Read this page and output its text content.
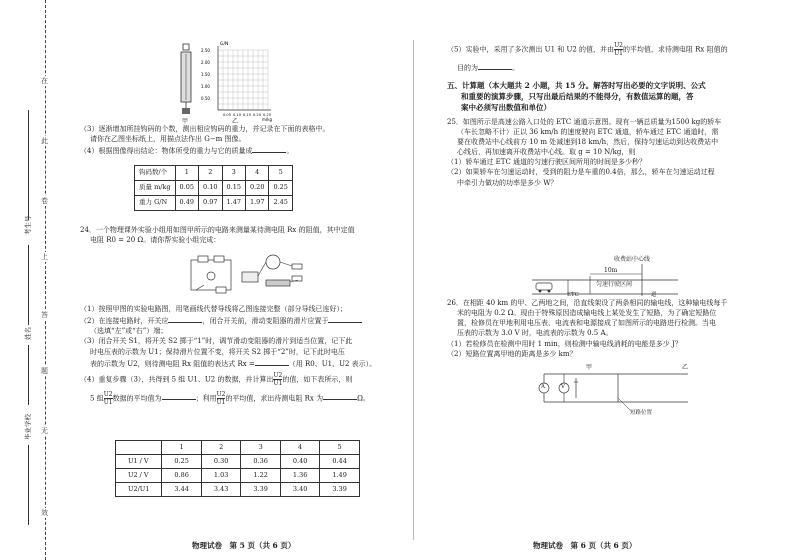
在
此
卷
上
答
题
无
效
考生号
姓名
毕业学校
甲
G/N
2.50
2.00
1.50
1.00
0.50
0.05 0.10 0.15 0.20 0.25
m/kg
乙

（3）逐渐增加所挂钩码的个数，测出相应钩码的重力，并记录在下面的表格中。

请你在乙图坐标纸上，用描点法作出 G−m 图像。

（4）根据图像得出结论：物体所受的重力与它的质量成	。

钩码数/个	1	2	3	4	5
质量 m/kg	0.05	0.10	0.15	0.20	0.25
重力 G/N	0.49	0.97	1.47	1.97	2.45

24．一个物理课外实验小组用如图甲所示的电路来测量某待测电阻 Rx 的阻值，其中定值

电阻 R0 = 20 Ω。请你帮实验小组完成：

（1）按照甲图的实验电路图，用笔画线代替导线将乙图连接完整（部分导线已连好）；

（2）在连接电路时，开关应	，闭合开关前，滑动变阻器的滑片应置于

（选填“左”或“右”）端；

（3）闭合开关 S1，将开关 S2 掷于“1”时，调节滑动变阻器的滑片到适当位置，记下此

时电压表的示数为 U1；保持滑片位置不变，将开关 S2 掷于“2”时，记下此时电压

表的示数为 U2，则待测电阻 Rx 阻值的表达式 Rx =	（用 R0、U1、U2 表示）。

（4）重复步骤（3），共得到 5 组 U1、U2 的数据，并计算出 $\frac{U2}{U1}$ 的值，如下表所示，则

5 组 $\frac{U2}{U1}$ 数据的平均值为	；利用 $\frac{U2}{U1}$ 的平均值，求出待测电阻 Rx 为	Ω。

	1	2	3	4	5
U1 / V	0.25	0.30	0.36	0.40	0.44
U2 / V	0.86	1.03	1.22	1.36	1.49
U2/U1	3.44	3.43	3.39	3.40	3.39
物理试卷　第 5 页（共 6 页）

（5）实验中，采用了多次测出 U1 和 U2 的值，并由 $\frac{U2}{U1}$ 的平均值，求待测电阻 Rx 阻值的

目的为	。

五、计算题（本大题共 2 小题，共 15 分。解答时写出必要的文字说明、公式

和重要的演算步骤，只写出最后结果的不能得分，有数值运算的题，答

案中必须写出数值和单位）

25．如图所示是高速公路入口处的 ETC 通道示意图。现有一辆总质量为1500 kg的轿车

（车长忽略不计）正以 36 km/h 的速度驶向 ETC 通道，轿车通过 ETC 通道时，需

要在收费站中心线前方 10 m 处减速到18 km/h，然后，保持匀速运动到达收费站中

心线后，再加速离开收费站中心线。取 g = 10 N/kg，则

（1）轿车通过 ETC 通道的匀速行驶区间所用的时间是多少秒？

（2）如果轿车在匀速运动时，受到的阻力是车重的0.4倍，那么，轿车在匀速运动过程

中牵引力做功的功率是多少 W？

收费站中心线
10m
匀速行驶区间
ETC	道

26．在相距 40 km 的甲、乙两地之间，沿直线架设了两条相同的输电线，这种输电线每千

米的电阻为 0.2 Ω。现由于特殊原因造成输电线上某处发生了短路，为了确定短路位

置，检修员在甲地利用电压表、电流表和电源接成了如图所示的电路进行检测。当电

压表的示数为 3.0 V 时，电流表的示数为 0.5 A。

（1）若检修员在检测中用时 1 min，则检测中输电线消耗的电能是多少 J？

（2）短路位置离甲地的距离是多少 km？

A	V
甲	乙
短路位置
物理试卷　第 6 页（共 6 页）
